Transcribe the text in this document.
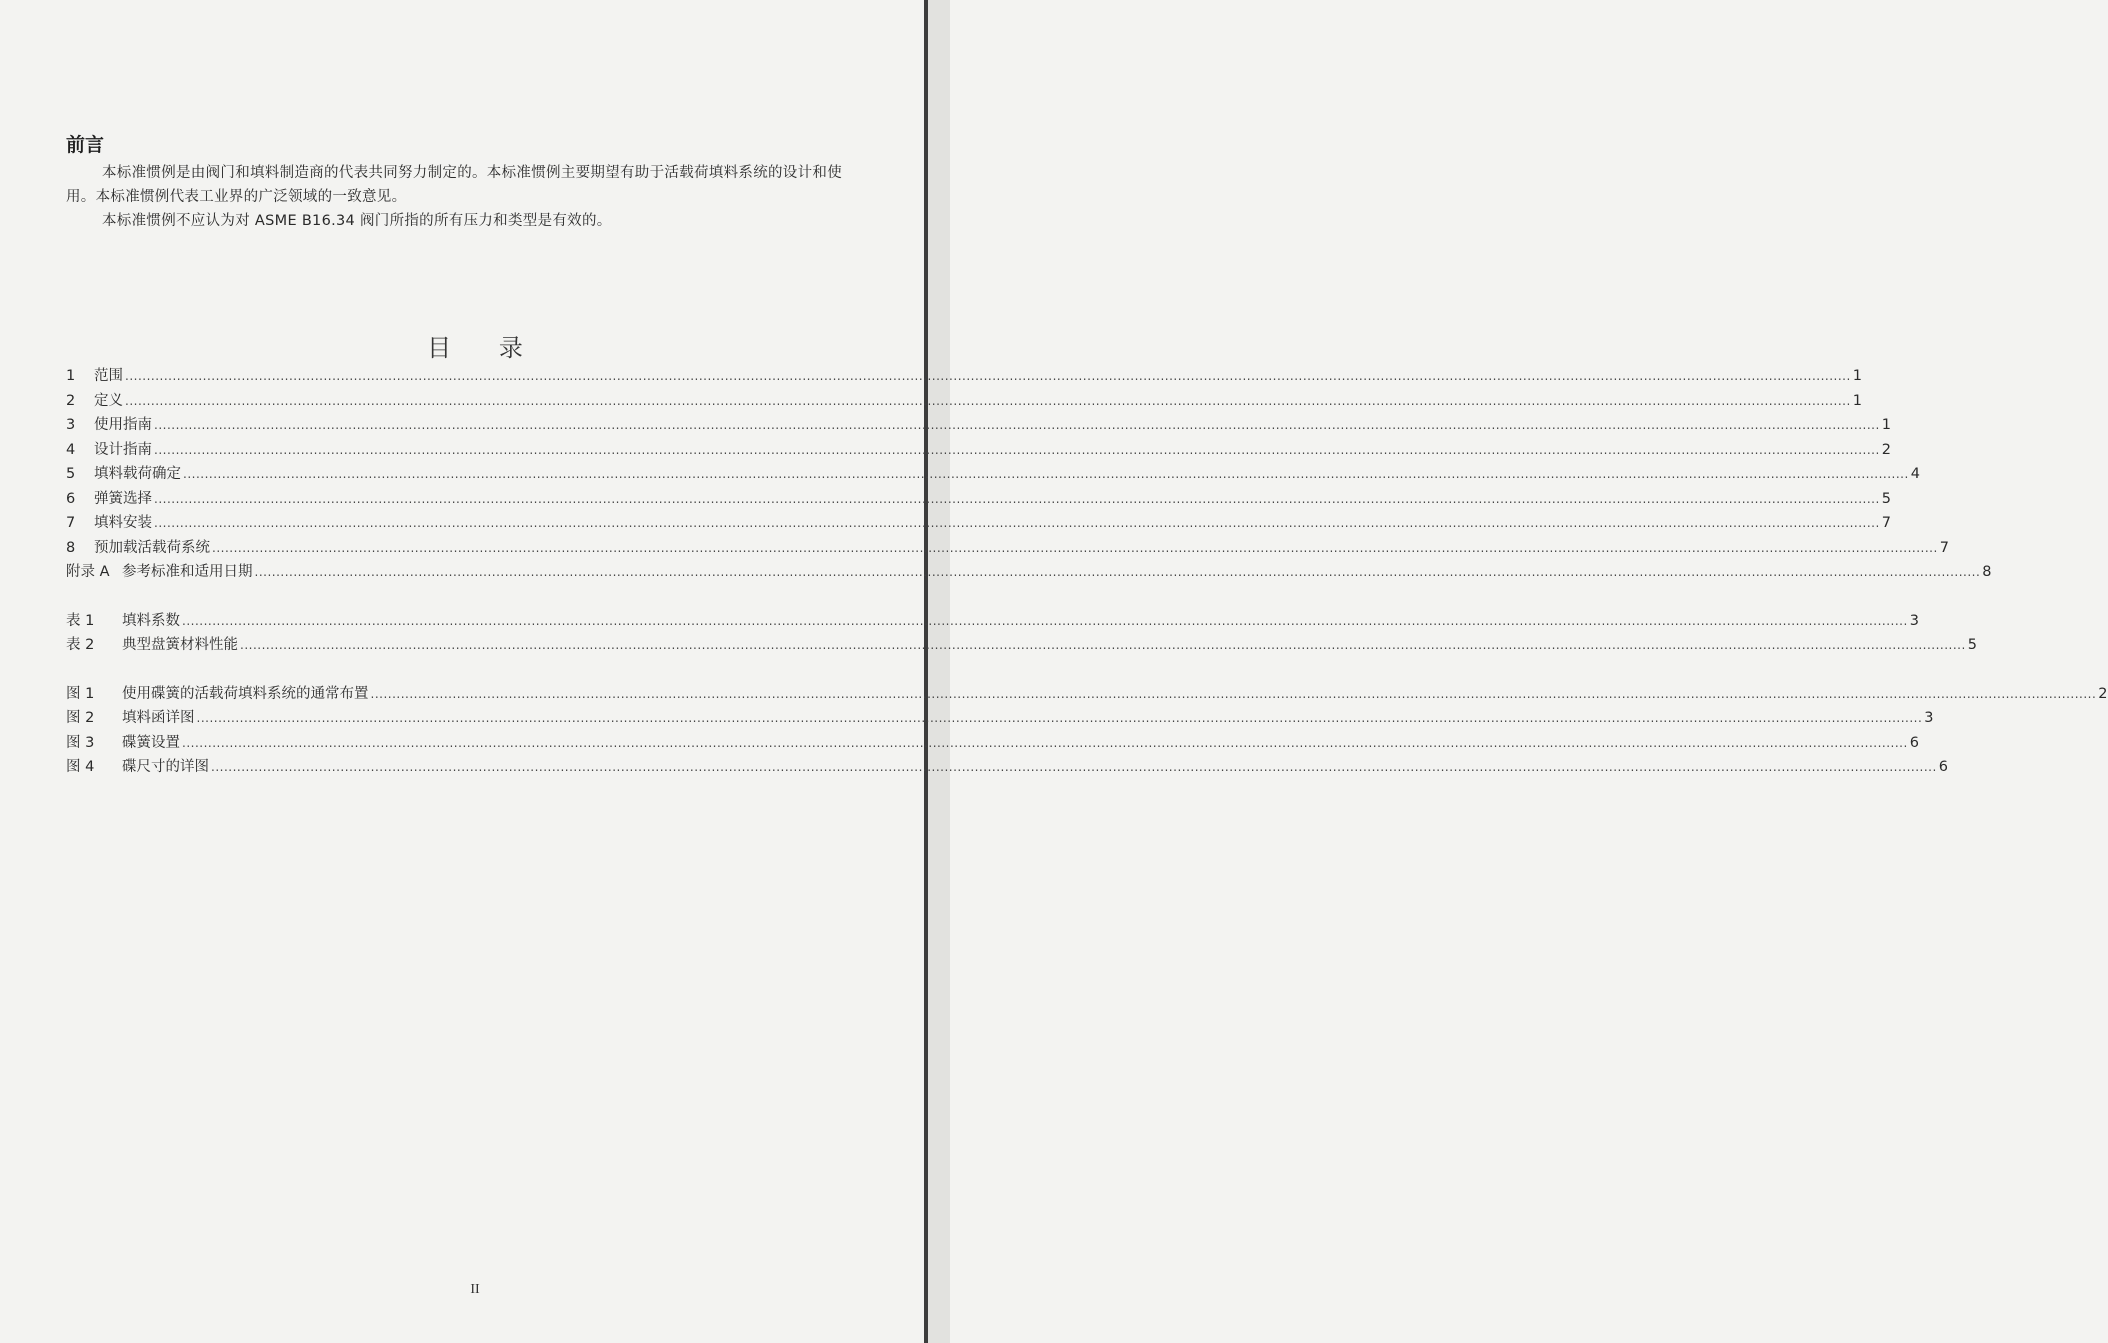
前言

本标准惯例是由阀门和填料制造商的代表共同努力制定的。本标准惯例主要期望有助于活载荷填料系统的设计和使用。本标准惯例代表工业界的广泛领域的一致意见。

本标准惯例不应认为对 ASME B16.34 阀门所指的所有压力和类型是有效的。

目 录
1	范围 ................................................................................................................................................................................................................................................................................................................................................................................................................ 1
2	定义 ................................................................................................................................................................................................................................................................................................................................................................................................................ 1
3	使用指南 ................................................................................................................................................................................................................................................................................................................................................................................................................ 1
4	设计指南 ................................................................................................................................................................................................................................................................................................................................................................................................................ 2
5	填料载荷确定 ................................................................................................................................................................................................................................................................................................................................................................................................................ 4
6	弹簧选择 ................................................................................................................................................................................................................................................................................................................................................................................................................ 5
7	填料安装 ................................................................................................................................................................................................................................................................................................................................................................................................................ 7
8	预加载活载荷系统 ................................................................................................................................................................................................................................................................................................................................................................................................................ 7
附录 A 参考标准和适用日期 ................................................................................................................................................................................................................................................................................................................................................................................................................ 8
表 1	填料系数 ................................................................................................................................................................................................................................................................................................................................................................................................................ 3
表 2	典型盘簧材料性能 ................................................................................................................................................................................................................................................................................................................................................................................................................ 5
图 1	使用碟簧的活载荷填料系统的通常布置 ................................................................................................................................................................................................................................................................................................................................................................................................................ 2
图 2	填料函详图 ................................................................................................................................................................................................................................................................................................................................................................................................................ 3
图 3	碟簧设置 ................................................................................................................................................................................................................................................................................................................................................................................................................ 6
图 4	碟尺寸的详图 ................................................................................................................................................................................................................................................................................................................................................................................................................ 6
II
